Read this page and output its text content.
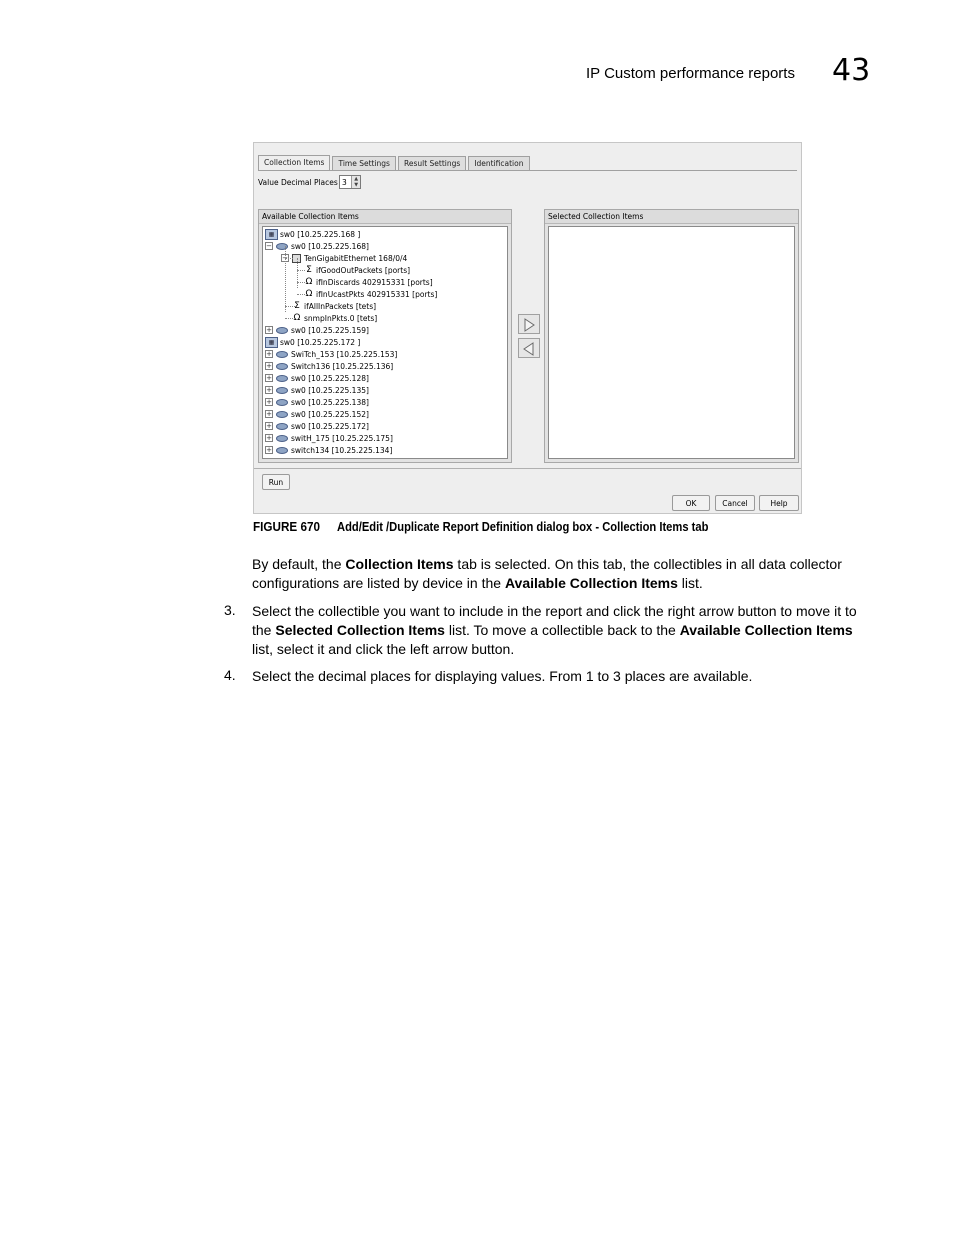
IP Custom performance reports 43
Collection Items	Time Settings	Result Settings	Identification
Value Decimal Places 3	▲
▼
Available Collection Items
▦ sw0 [10.25.225.168 ]
−	sw0 [10.25.225.168]
− TenGigabitEthernet 168/0/4
Σ ifGoodOutPackets [ports]
Ω ifInDiscards 402915331 [ports]
Ω ifInUcastPkts 402915331 [ports]
Σ ifAllInPackets [tets]
Ω snmpInPkts.0 [tets]
+	sw0 [10.25.225.159]
▦ sw0 [10.25.225.172 ]
+	SwiTch_153 [10.25.225.153]
+	Switch136 [10.25.225.136]
+	sw0 [10.25.225.128]
+	sw0 [10.25.225.135]
+	sw0 [10.25.225.138]
+	sw0 [10.25.225.152]
+	sw0 [10.25.225.172]
+	switH_175 [10.25.225.175]
+	switch134 [10.25.225.134]
Selected Collection Items
Run
OK	Cancel	Help
FIGURE 670 Add/Edit /Duplicate Report Definition dialog box - Collection Items tab
By default, the Collection Items tab is selected. On this tab, the collectibles in all data collector configurations are listed by device in the Available Collection Items list.
3. Select the collectible you want to include in the report and click the right arrow button to move it to the Selected Collection Items list. To move a collectible back to the Available Collection Items list, select it and click the left arrow button.
4. Select the decimal places for displaying values. From 1 to 3 places are available.
